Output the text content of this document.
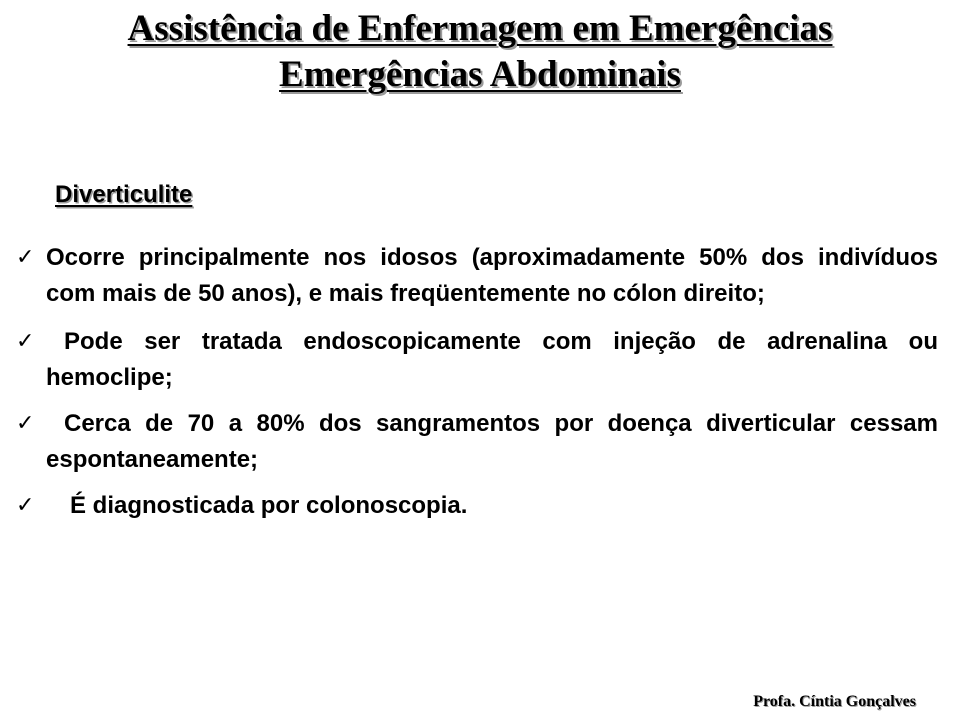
Assistência de Enfermagem em Emergências
Emergências Abdominais
Diverticulite
✓ Ocorre principalmente nos idosos (aproximadamente 50% dos indivíduos com mais de 50 anos), e mais freqüentemente no cólon direito;
✓ Pode ser tratada endoscopicamente com injeção de adrenalina ou hemoclipe;
✓ Cerca de 70 a 80% dos sangramentos por doença diverticular cessam espontaneamente;
✓ É diagnosticada por colonoscopia.
Profa. Cíntia Gonçalves
